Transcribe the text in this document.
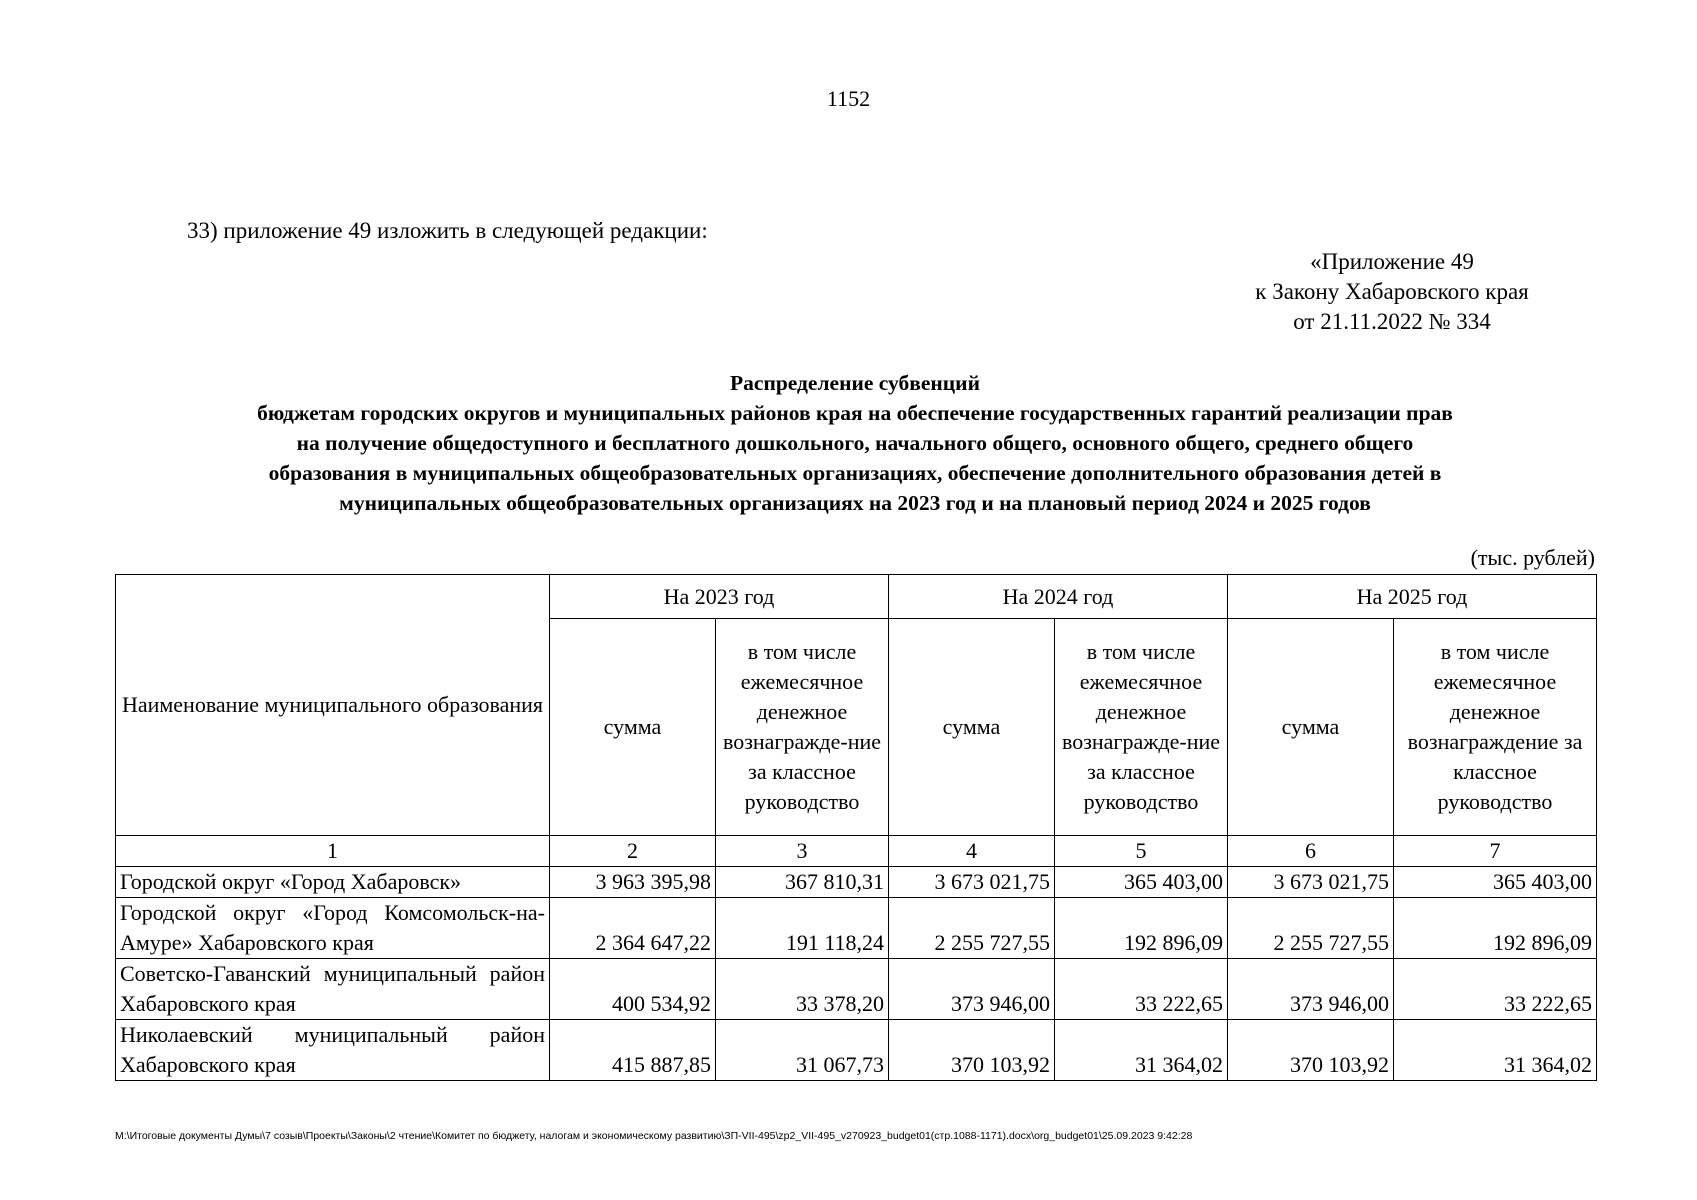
1152
33) приложение 49 изложить в следующей редакции:
«Приложение 49
к Закону Хабаровского края
от 21.11.2022 № 334
Распределение субвенций
бюджетам городских округов и муниципальных районов края на обеспечение государственных гарантий реализации прав
на получение общедоступного и бесплатного дошкольного, начального общего, основного общего, среднего общего
образования в муниципальных общеобразовательных организациях, обеспечение дополнительного образования детей в
муниципальных общеобразовательных организациях на 2023 год и на плановый период 2024 и 2025 годов
(тыс. рублей)
Наименование муниципального образования	На 2023 год		На 2024 год		На 2025 год	
	сумма	в том числе ежемесячное денежное вознагражде-ние за классное руководство	сумма	в том числе ежемесячное денежное вознагражде-ние за классное руководство	сумма	в том числе ежемесячное денежное вознаграждение за классное руководство
1	2	3	4	5	6	7
Городской округ «Город Хабаровск»	3 963 395,98	367 810,31	3 673 021,75	365 403,00	3 673 021,75	365 403,00
Городской округ «Город Комсомольск-на-Амуре» Хабаровского края	2 364 647,22	191 118,24	2 255 727,55	192 896,09	2 255 727,55	192 896,09
Советско-Гаванский муниципальный район Хабаровского края	400 534,92	33 378,20	373 946,00	33 222,65	373 946,00	33 222,65
Николаевский муниципальный район Хабаровского края	415 887,85	31 067,73	370 103,92	31 364,02	370 103,92	31 364,02
M:\Итоговые документы Думы\7 созыв\Проекты\Законы\2 чтение\Комитет по бюджету, налогам и экономическому развитию\ЗП-VII-495\zp2_VII-495_v270923_budget01(стр.1088-1171).docx\org_budget01\25.09.2023 9:42:28
